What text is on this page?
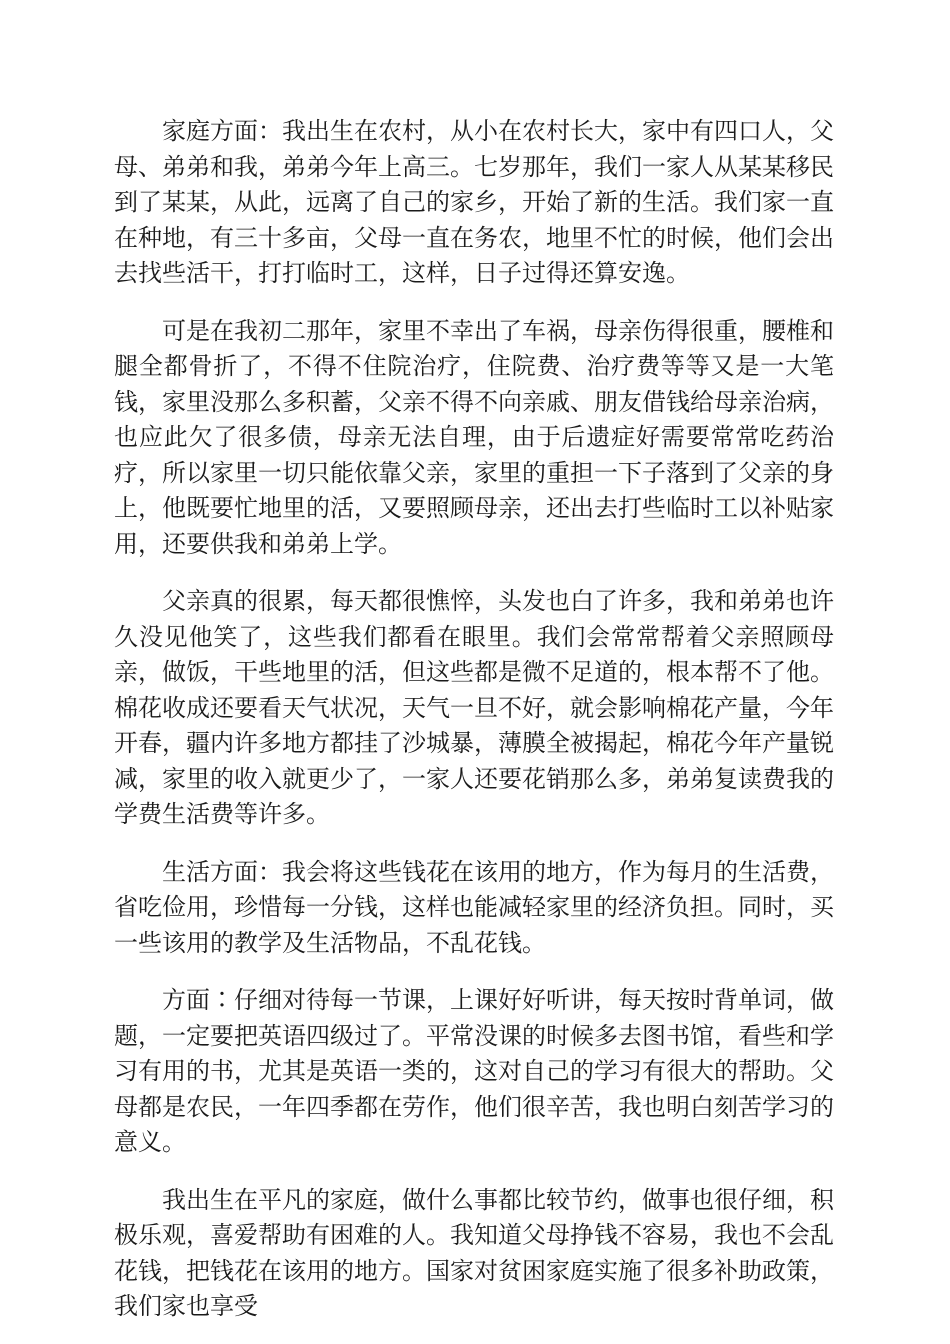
家庭方面：我出生在农村，从小在农村长大，家中有四口人，父母、弟弟和我，弟弟今年上高三。七岁那年，我们一家人从某某移民到了某某，从此，远离了自己的家乡，开始了新的生活。我们家一直在种地，有三十多亩，父母一直在务农，地里不忙的时候，他们会出去找些活干，打打临时工，这样，日子过得还算安逸。

可是在我初二那年，家里不幸出了车祸，母亲伤得很重，腰椎和腿全都骨折了，不得不住院治疗，住院费、治疗费等等又是一大笔钱，家里没那么多积蓄，父亲不得不向亲戚、朋友借钱给母亲治病，也应此欠了很多债，母亲无法自理，由于后遗症好需要常常吃药治疗，所以家里一切只能依靠父亲，家里的重担一下子落到了父亲的身上，他既要忙地里的活，又要照顾母亲，还出去打些临时工以补贴家用，还要供我和弟弟上学。

父亲真的很累，每天都很憔悴，头发也白了许多，我和弟弟也许久没见他笑了，这些我们都看在眼里。我们会常常帮着父亲照顾母亲，做饭，干些地里的活，但这些都是微不足道的，根本帮不了他。棉花收成还要看天气状况，天气一旦不好，就会影响棉花产量，今年开春，疆内许多地方都挂了沙城暴，薄膜全被揭起，棉花今年产量锐减，家里的收入就更少了，一家人还要花销那么多，弟弟复读费我的学费生活费等许多。

生活方面：我会将这些钱花在该用的地方，作为每月的生活费，省吃俭用，珍惜每一分钱，这样也能减轻家里的经济负担。同时，买一些该用的教学及生活物品，不乱花钱。

方面∶仔细对待每一节课，上课好好听讲，每天按时背单词，做题，一定要把英语四级过了。平常没课的时候多去图书馆，看些和学习有用的书，尤其是英语一类的，这对自己的学习有很大的帮助。父母都是农民，一年四季都在劳作，他们很辛苦，我也明白刻苦学习的意义。

我出生在平凡的家庭，做什么事都比较节约，做事也很仔细，积极乐观，喜爱帮助有困难的人。我知道父母挣钱不容易，我也不会乱花钱，把钱花在该用的地方。国家对贫困家庭实施了很多补助政策，我们家也享受
